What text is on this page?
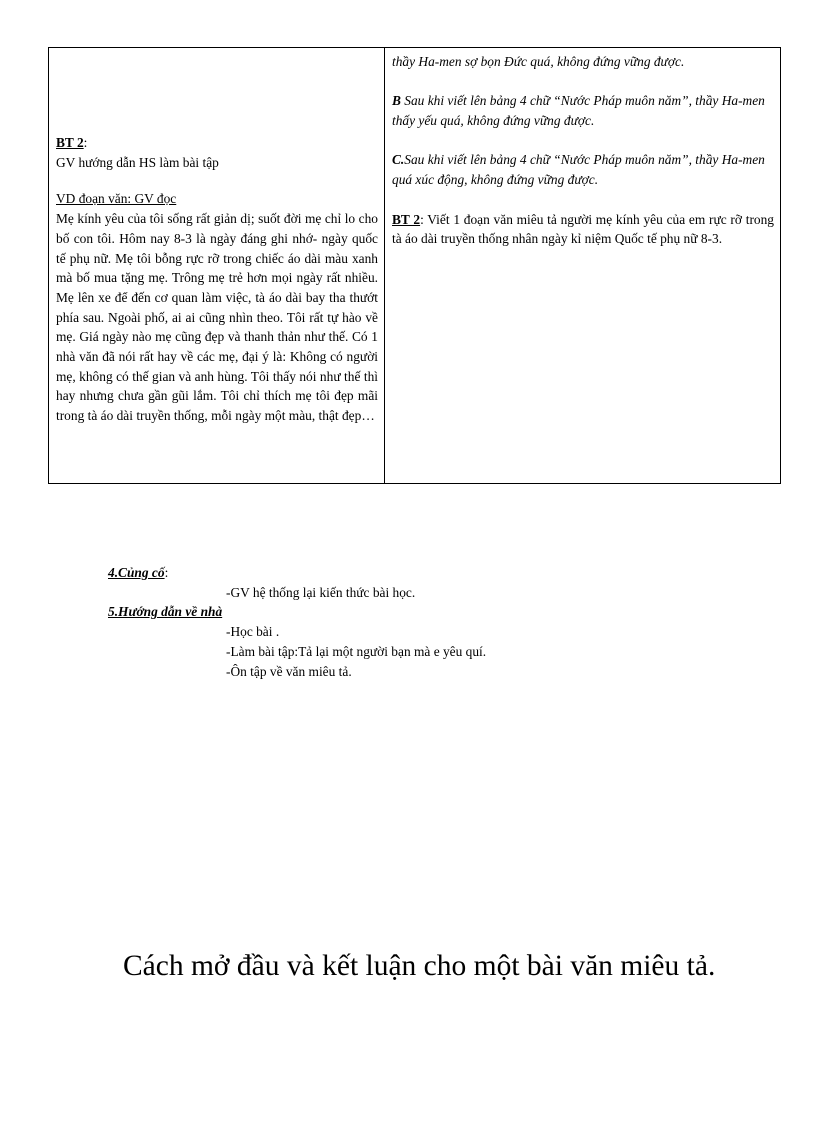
BT 2:
GV hướng dẫn HS làm bài tập
VD đoạn văn: GV đọc
Mẹ kính yêu của tôi sống rất giản dị; suốt đời mẹ chỉ lo cho bố con tôi. Hôm nay 8-3 là ngày đáng ghi nhớ- ngày quốc tế phụ nữ. Mẹ tôi bỗng rực rỡ trong chiếc áo dài màu xanh mà bố mua tặng mẹ. Trông mẹ trẻ hơn mọi ngày rất nhiều. Mẹ lên xe để đến cơ quan làm việc, tà áo dài bay tha thướt phía sau. Ngoài phố, ai ai cũng nhìn theo. Tôi rất tự hào về mẹ. Giá ngày nào mẹ cũng đẹp và thanh thản như thế. Có 1 nhà văn đã nói rất hay về các mẹ, đại ý là: Không có người mẹ, không có thế gian và anh hùng. Tôi thấy nói như thế thì hay nhưng chưa gần gũi lắm. Tôi chỉ thích mẹ tôi đẹp mãi trong tà áo dài truyền thống, mỗi ngày một màu, thật đẹp…
thầy Ha-men sợ bọn Đức quá, không đứng vững được.
B Sau khi viết lên bảng 4 chữ “Nước Pháp muôn năm”, thầy Ha-men thấy yếu quá, không đứng vững được.
C.Sau khi viết lên bảng 4 chữ “Nước Pháp muôn năm”, thầy Ha-men quá xúc động, không đứng vững được.
BT 2: Viết 1 đoạn văn miêu tả người mẹ kính yêu của em rực rỡ trong tà áo dài truyền thống nhân ngày kỉ niệm Quốc tế phụ nữ 8-3.
4.Củng cố:
-GV hệ thống lại kiến thức bài học.
5.Hướng dẫn về nhà
-Học bài .
-Làm bài tập:Tả lại một người bạn mà e yêu quí.
-Ôn tập về văn miêu tả.
Cách mở đầu và kết luận cho một bài văn miêu tả.
